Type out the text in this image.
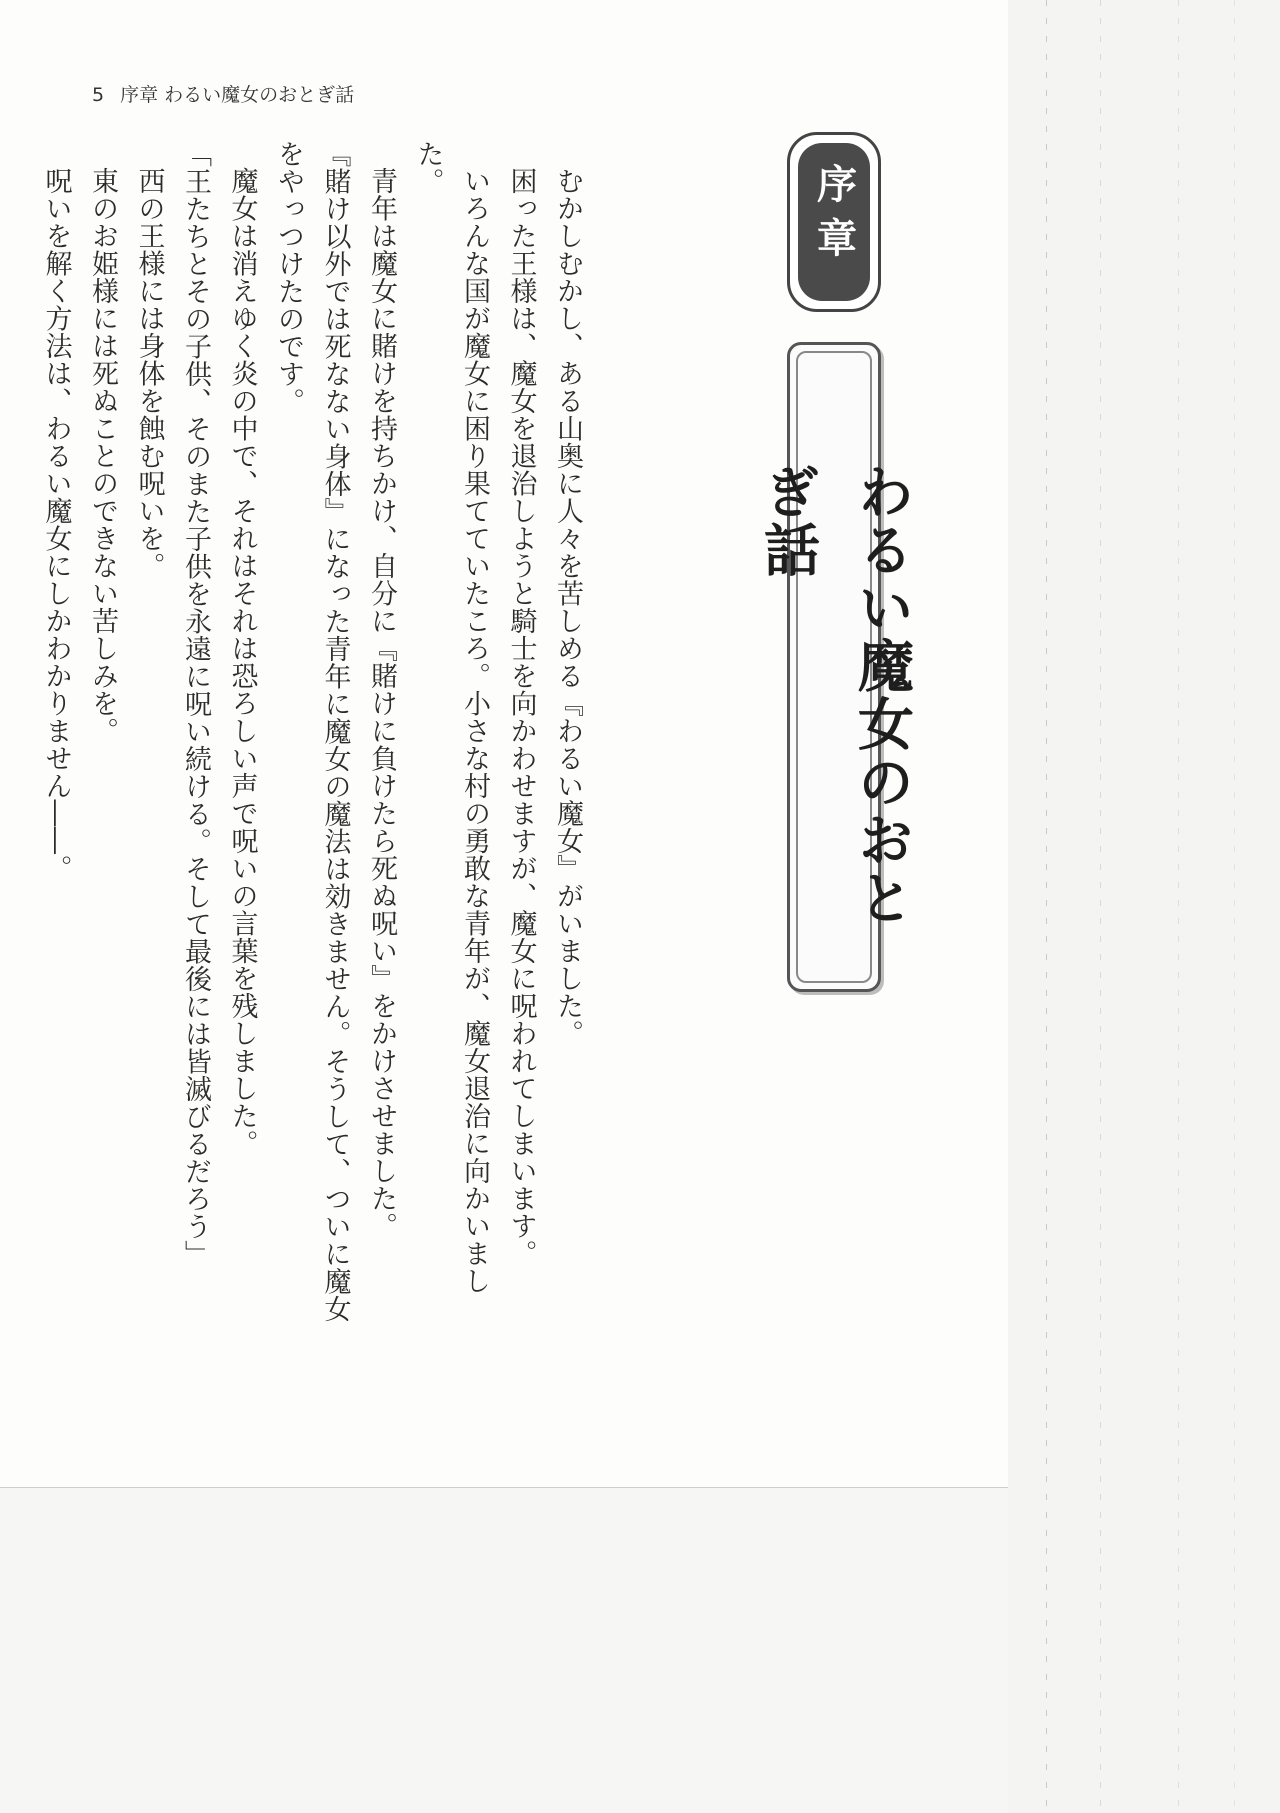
5 序章 わるい魔女のおとぎ話
序章
わるい魔女のおとぎ話

むかしむかし、ある山奥に人々を苦しめる『わるい魔女』がいました。

困った王様は、魔女を退治しようと騎士を向かわせますが、魔女に呪われてしまいます。

いろんな国が魔女に困り果てていたころ。小さな村の勇敢な青年が、魔女退治に向かいました。

青年は魔女に賭けを持ちかけ、自分に『賭けに負けたら死ぬ呪い』をかけさせました。

『賭け以外では死なない身体』になった青年に魔女の魔法は効きません。そうして、ついに魔女をやっつけたのです。

魔女は消えゆく炎の中で、それはそれは恐ろしい声で呪いの言葉を残しました。

「王たちとその子供、そのまた子供を永遠に呪い続ける。そして最後には皆滅びるだろう」

西の王様には身体を蝕む呪いを。

東のお姫様には死ぬことのできない苦しみを。

呪いを解く方法は、わるい魔女にしかわかりません――。
